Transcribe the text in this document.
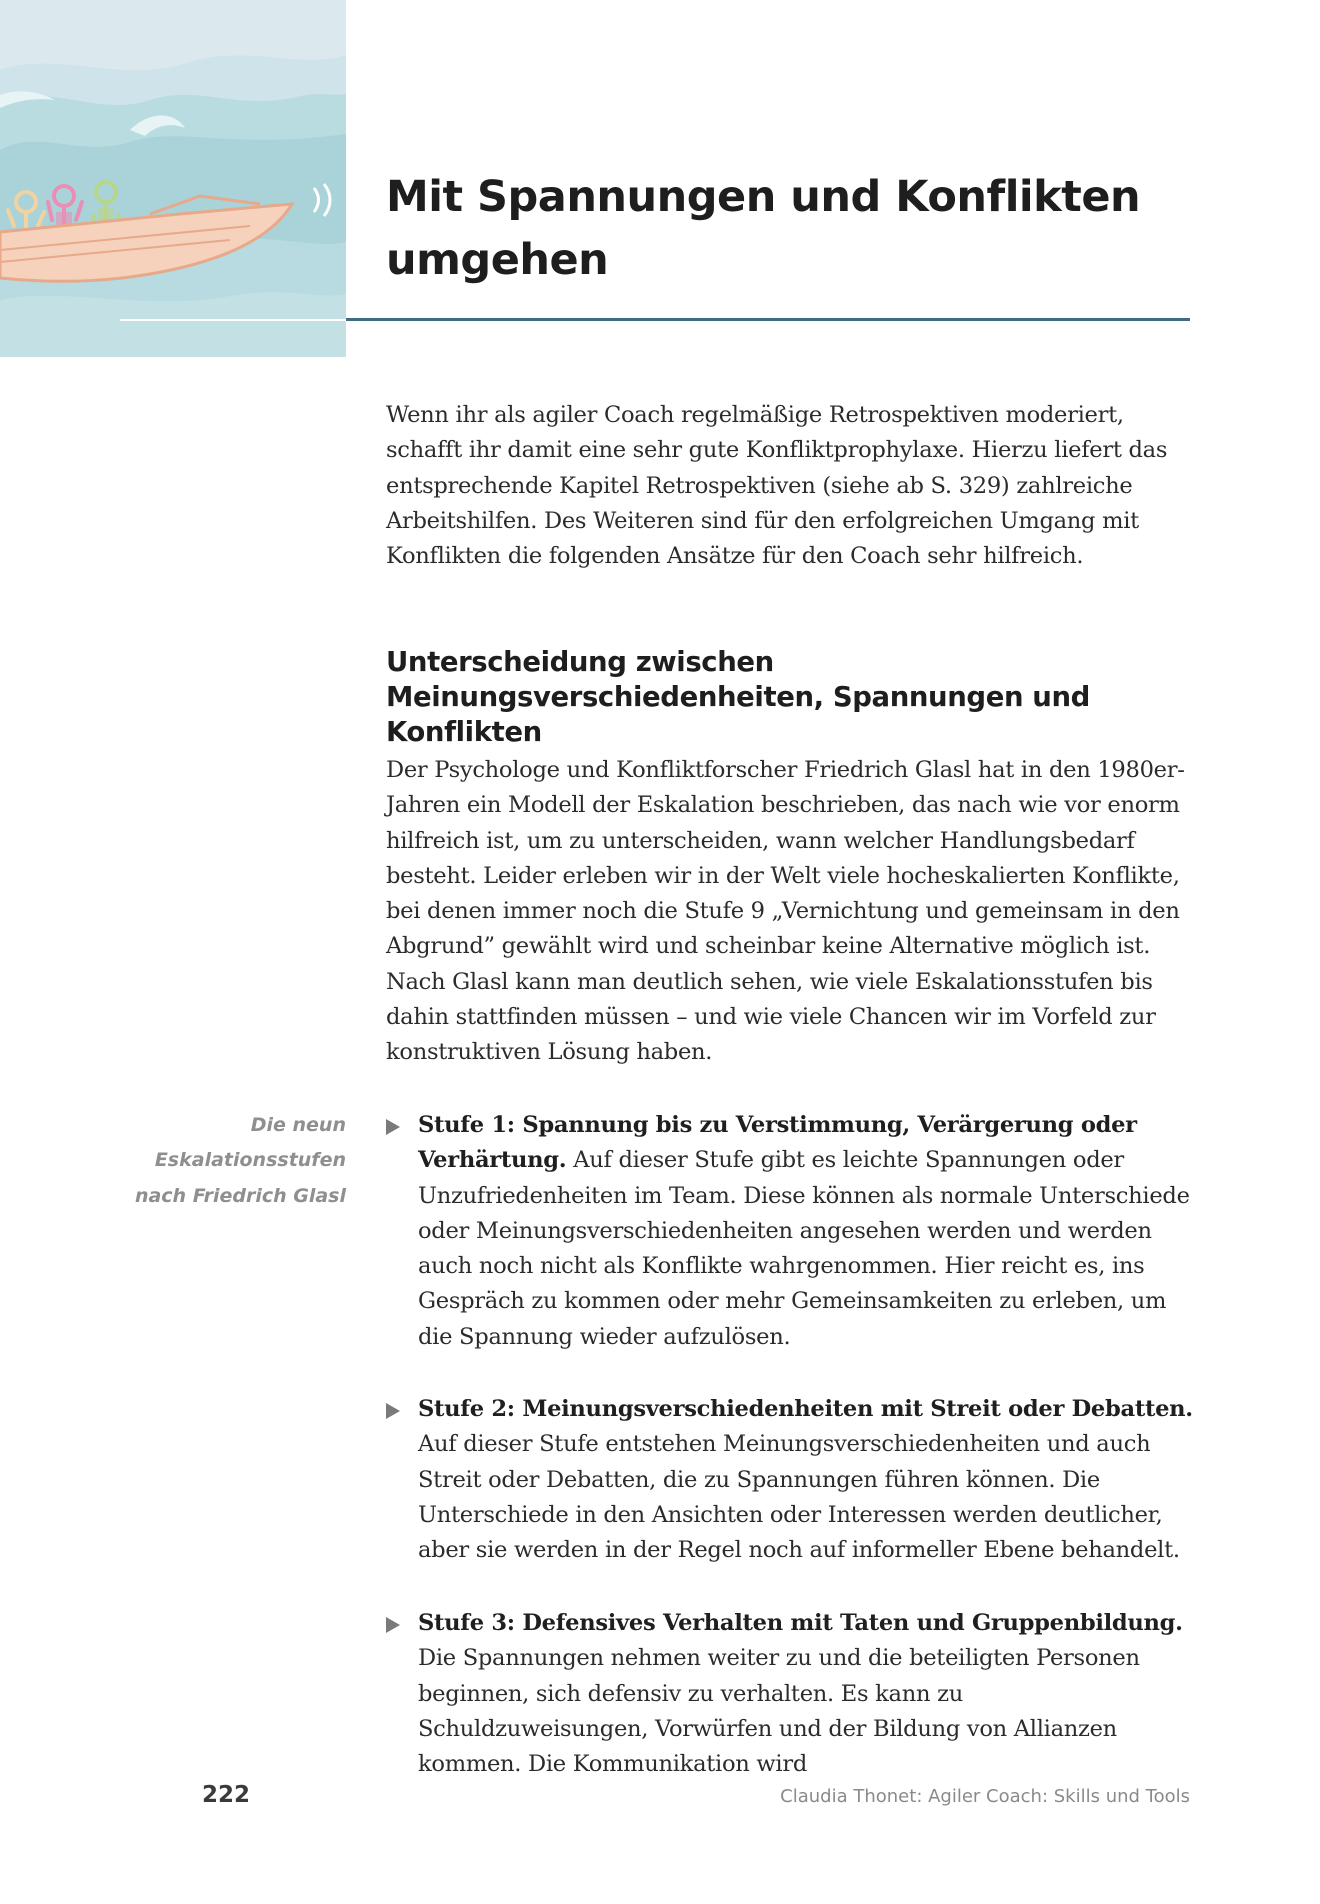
Mit Spannungen und Konflikten umgehen

Wenn ihr als agiler Coach regelmäßige Retrospektiven moderiert, schafft ihr damit eine sehr gute Konfliktprophylaxe. Hierzu liefert das entsprechende Kapitel Retrospektiven (siehe ab S. 329) zahlreiche Arbeitshilfen. Des Weiteren sind für den erfolgreichen Umgang mit Konflikten die folgenden Ansätze für den Coach sehr hilfreich.

Unterscheidung zwischen Meinungsverschiedenheiten, Spannungen und Konflikten

Der Psychologe und Konfliktforscher Friedrich Glasl hat in den 1980er-Jahren ein Modell der Eskalation beschrieben, das nach wie vor enorm hilfreich ist, um zu unterscheiden, wann welcher Handlungsbedarf besteht. Leider erleben wir in der Welt viele hocheskalierten Konflikte, bei denen immer noch die Stufe 9 „Vernichtung und gemeinsam in den Abgrund” gewählt wird und scheinbar keine Alternative möglich ist. Nach Glasl kann man deutlich sehen, wie viele Eskalationsstufen bis dahin stattfinden müssen – und wie viele Chancen wir im Vorfeld zur konstruktiven Lösung haben.

Die neun Eskalationsstufen nach Friedrich Glasl

Stufe 1: Spannung bis zu Verstimmung, Verärgerung oder Verhärtung. Auf dieser Stufe gibt es leichte Spannungen oder Unzufriedenheiten im Team. Diese können als normale Unterschiede oder Meinungsverschiedenheiten angesehen werden und werden auch noch nicht als Konflikte wahrgenommen. Hier reicht es, ins Gespräch zu kommen oder mehr Gemeinsamkeiten zu erleben, um die Spannung wieder aufzulösen.

Stufe 2: Meinungsverschiedenheiten mit Streit oder Debatten. Auf dieser Stufe entstehen Meinungsverschiedenheiten und auch Streit oder Debatten, die zu Spannungen führen können. Die Unterschiede in den Ansichten oder Interessen werden deutlicher, aber sie werden in der Regel noch auf informeller Ebene behandelt.

Stufe 3: Defensives Verhalten mit Taten und Gruppenbildung. Die Spannungen nehmen weiter zu und die beteiligten Personen beginnen, sich defensiv zu verhalten. Es kann zu Schuldzuweisungen, Vorwürfen und der Bildung von Allianzen kommen. Die Kommunikation wird

222	Claudia Thonet: Agiler Coach: Skills und Tools
